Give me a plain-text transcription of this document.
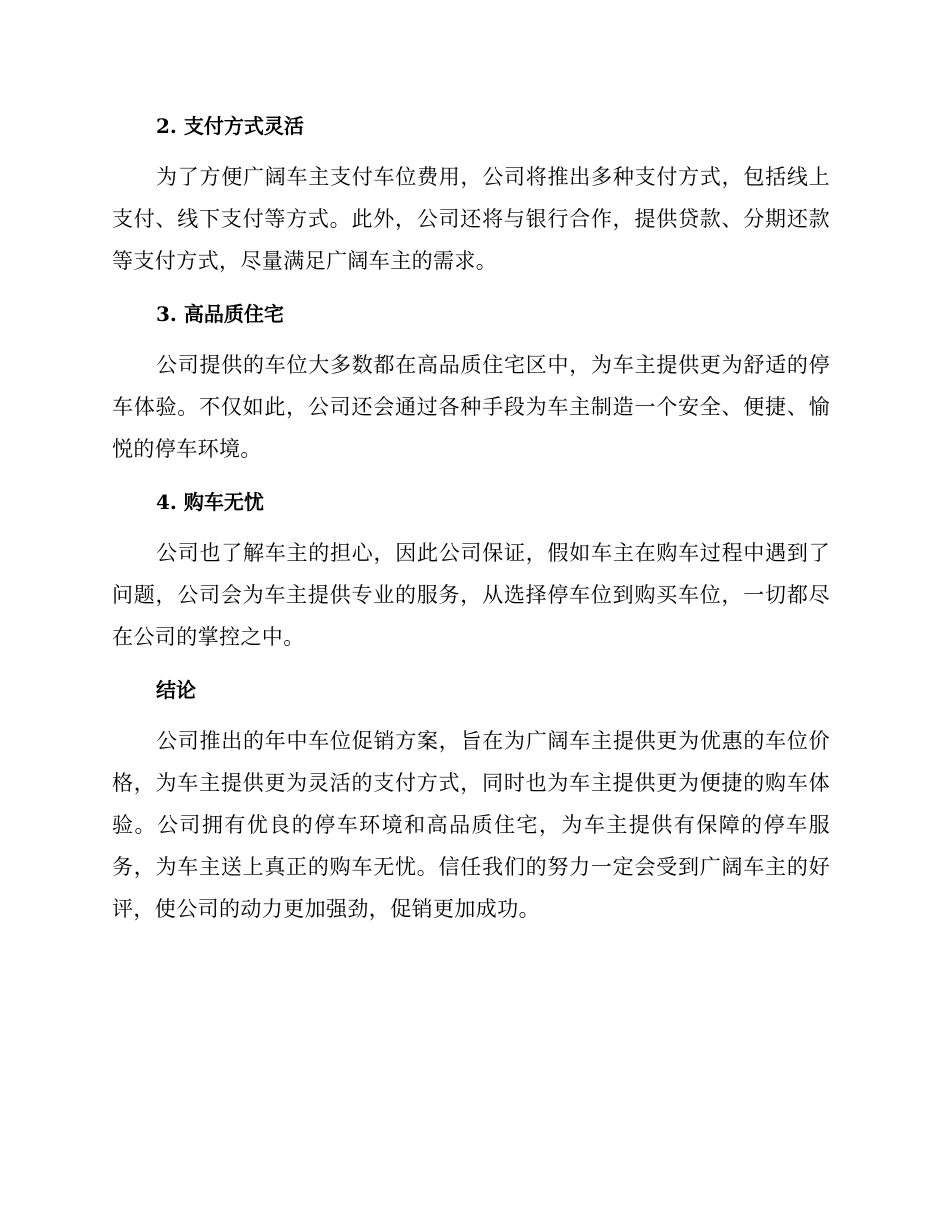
2. 支付方式灵活

为了方便广阔车主支付车位费用，公司将推出多种支付方式，包括线上支付、线下支付等方式。此外，公司还将与银行合作，提供贷款、分期还款等支付方式，尽量满足广阔车主的需求。

3. 高品质住宅

公司提供的车位大多数都在高品质住宅区中，为车主提供更为舒适的停车体验。不仅如此，公司还会通过各种手段为车主制造一个安全、便捷、愉悦的停车环境。

4. 购车无忧

公司也了解车主的担心，因此公司保证，假如车主在购车过程中遇到了问题，公司会为车主提供专业的服务，从选择停车位到购买车位，一切都尽在公司的掌控之中。

结论

公司推出的年中车位促销方案，旨在为广阔车主提供更为优惠的车位价格，为车主提供更为灵活的支付方式，同时也为车主提供更为便捷的购车体验。公司拥有优良的停车环境和高品质住宅，为车主提供有保障的停车服务，为车主送上真正的购车无忧。信任我们的努力一定会受到广阔车主的好评，使公司的动力更加强劲，促销更加成功。
